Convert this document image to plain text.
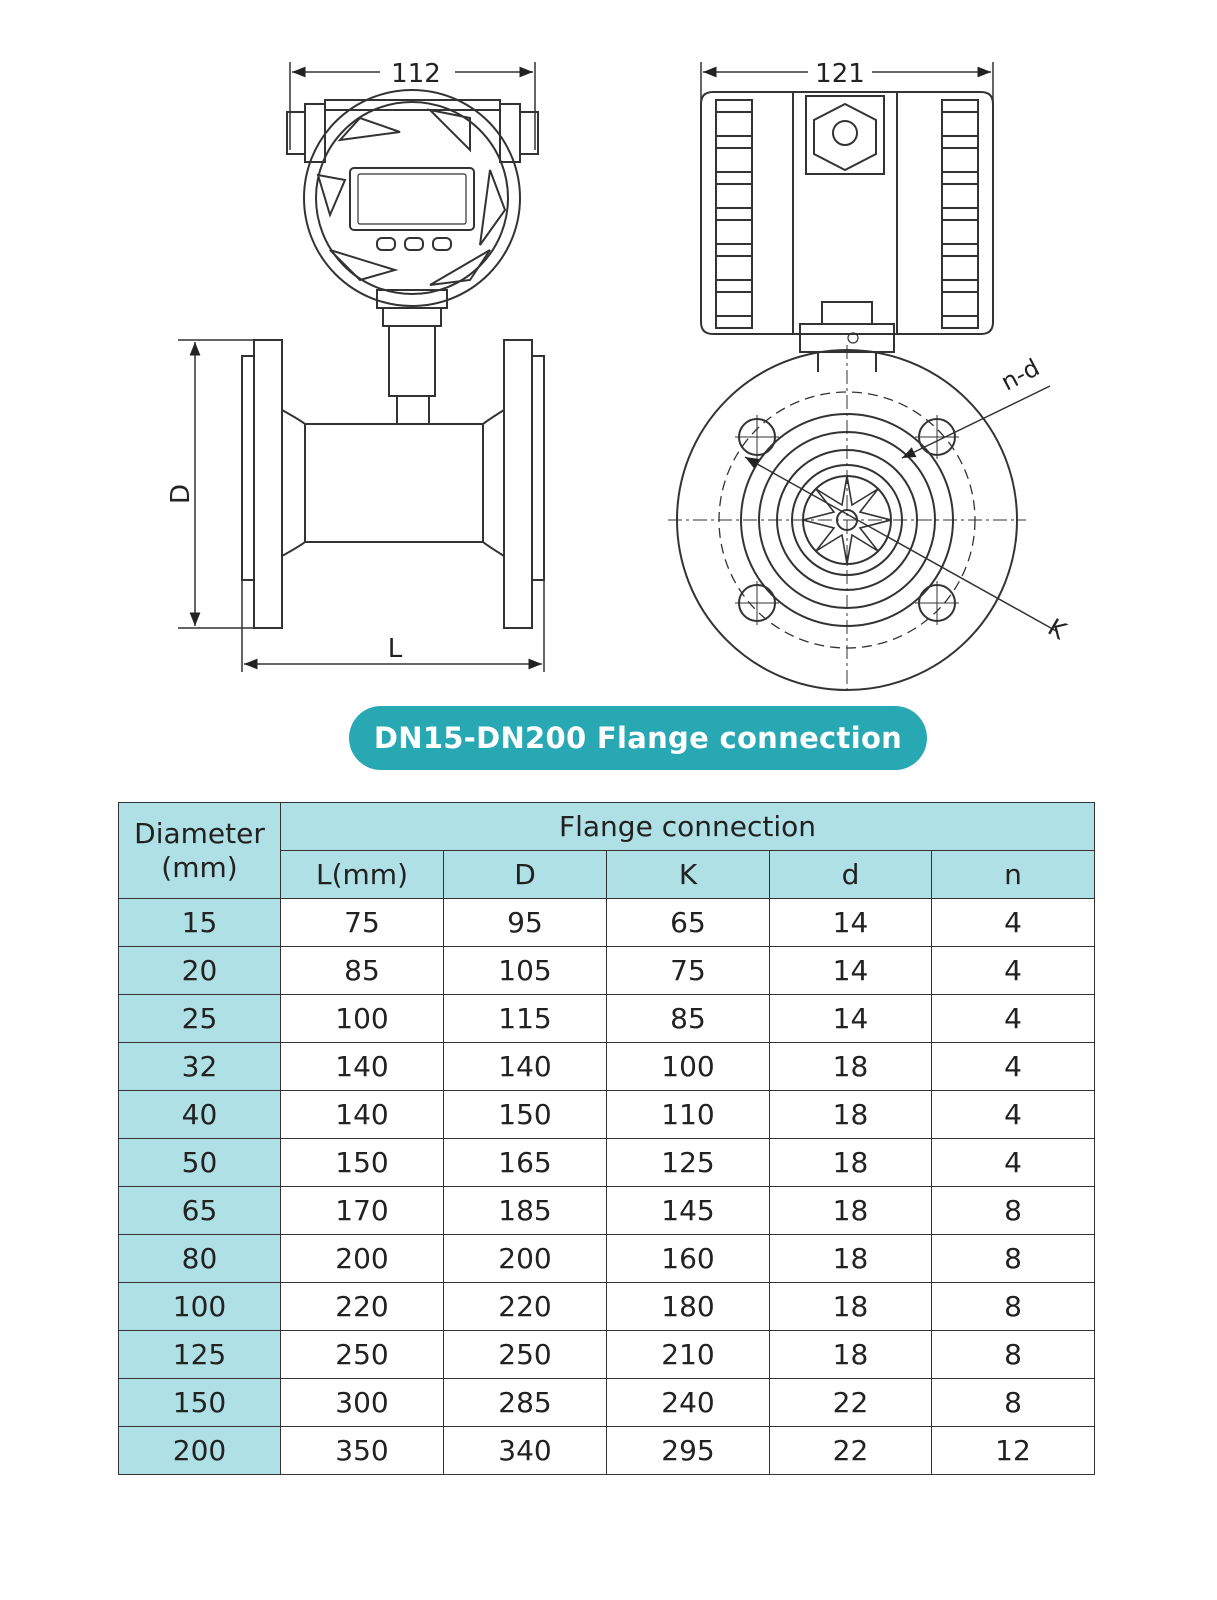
112
D
L
121
n-d
K
DN15-DN200 Flange connection
Diameter
(mm)	Flange connection				
	L(mm)	D	K	d	n
15	75	95	65	14	4
20	85	105	75	14	4
25	100	115	85	14	4
32	140	140	100	18	4
40	140	150	110	18	4
50	150	165	125	18	4
65	170	185	145	18	8
80	200	200	160	18	8
100	220	220	180	18	8
125	250	250	210	18	8
150	300	285	240	22	8
200	350	340	295	22	12
